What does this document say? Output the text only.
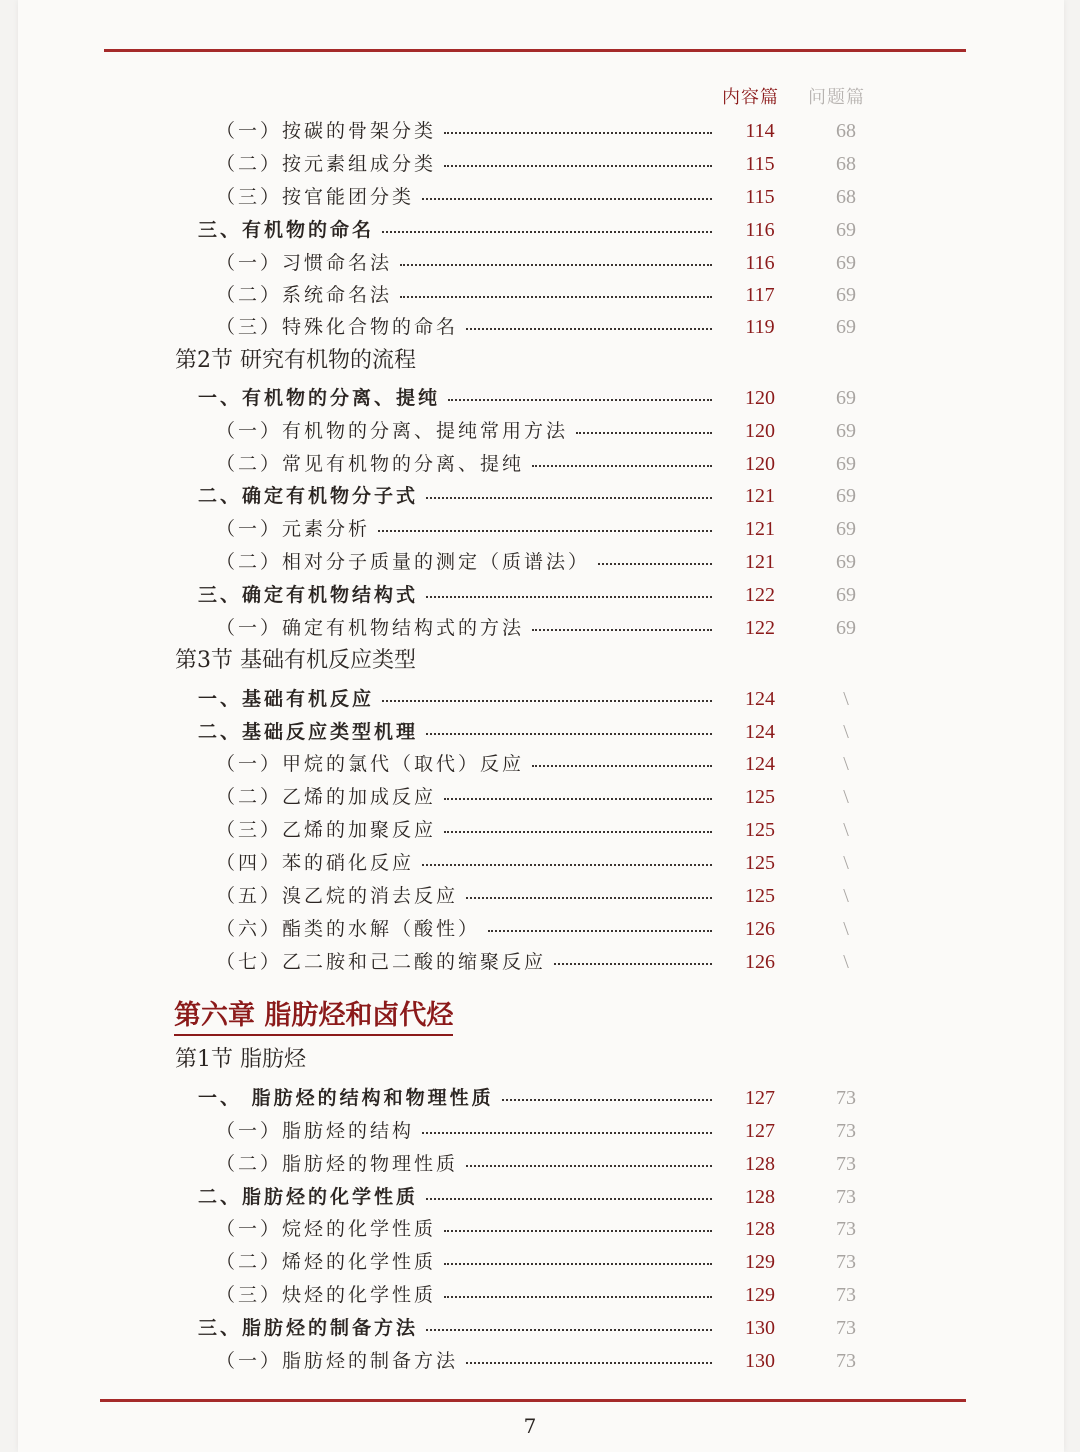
内容篇 问题篇
（一）按碳的骨架分类	114	68
（二）按元素组成分类	115	68
（三）按官能团分类	115	68
三、有机物的命名	116	69
（一）习惯命名法	116	69
（二）系统命名法	117	69
（三）特殊化合物的命名	119	69
一、有机物的分离、提纯	120	69
（一）有机物的分离、提纯常用方法	120	69
（二）常见有机物的分离、提纯	120	69
二、确定有机物分子式	121	69
（一）元素分析	121	69
（二）相对分子质量的测定（质谱法）	121	69
三、确定有机物结构式	122	69
（一）确定有机物结构式的方法	122	69
一、基础有机反应	124	\
二、基础反应类型机理	124	\
（一）甲烷的氯代（取代）反应	124	\
（二）乙烯的加成反应	125	\
（三）乙烯的加聚反应	125	\
（四）苯的硝化反应	125	\
（五）溴乙烷的消去反应	125	\
（六）酯类的水解（酸性）	126	\
（七）乙二胺和己二酸的缩聚反应	126	\
一、 脂肪烃的结构和物理性质	127	73
（一）脂肪烃的结构	127	73
（二）脂肪烃的物理性质	128	73
二、脂肪烃的化学性质	128	73
（一）烷烃的化学性质	128	73
（二）烯烃的化学性质	129	73
（三）炔烃的化学性质	129	73
三、脂肪烃的制备方法	130	73
（一）脂肪烃的制备方法	130	73
7
第2节 研究有机物的流程
第3节 基础有机反应类型
第六章 脂肪烃和卤代烃
第1节 脂肪烃
